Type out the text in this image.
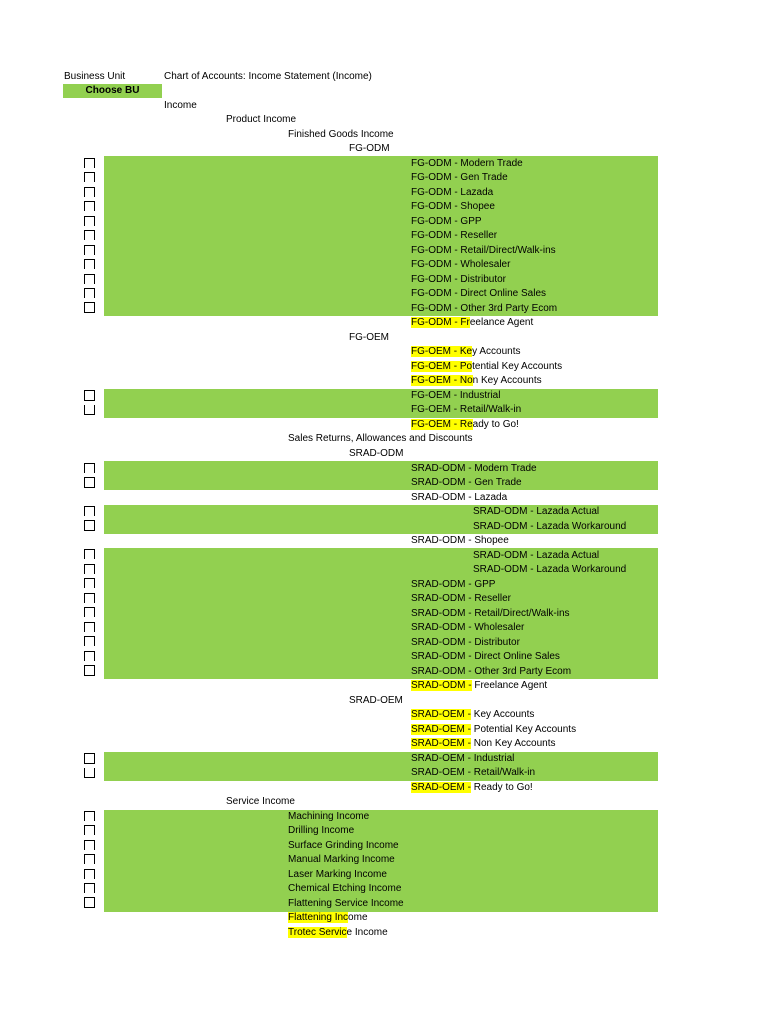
Business Unit	Chart of Accounts: Income Statement (Income)
Choose BU
Income
Product Income
Finished Goods Income
FG-ODM
FG-ODM - Modern Trade
FG-ODM - Gen Trade
FG-ODM - Lazada
FG-ODM - Shopee
FG-ODM - GPP
FG-ODM - Reseller
FG-ODM - Retail/Direct/Walk-ins
FG-ODM - Wholesaler
FG-ODM - Distributor
FG-ODM - Direct Online Sales
FG-ODM - Other 3rd Party Ecom
FG-ODM - Freelance Agent
FG-OEM
FG-OEM - Key Accounts
FG-OEM - Potential Key Accounts
FG-OEM - Non Key Accounts
FG-OEM - Industrial
FG-OEM - Retail/Walk-in
FG-OEM - Ready to Go!
Sales Returns, Allowances and Discounts
SRAD-ODM
SRAD-ODM - Modern Trade
SRAD-ODM - Gen Trade
SRAD-ODM - Lazada
SRAD-ODM - Lazada Actual
SRAD-ODM - Lazada Workaround
SRAD-ODM - Shopee
SRAD-ODM - Lazada Actual
SRAD-ODM - Lazada Workaround
SRAD-ODM - GPP
SRAD-ODM - Reseller
SRAD-ODM - Retail/Direct/Walk-ins
SRAD-ODM - Wholesaler
SRAD-ODM - Distributor
SRAD-ODM - Direct Online Sales
SRAD-ODM - Other 3rd Party Ecom
SRAD-ODM - Freelance Agent
SRAD-OEM
SRAD-OEM - Key Accounts
SRAD-OEM - Potential Key Accounts
SRAD-OEM - Non Key Accounts
SRAD-OEM - Industrial
SRAD-OEM - Retail/Walk-in
SRAD-OEM - Ready to Go!
Service Income
Machining Income
Drilling Income
Surface Grinding Income
Manual Marking Income
Laser Marking Income
Chemical Etching Income
Flattening Service Income
Flattening Income
Trotec Service Income
